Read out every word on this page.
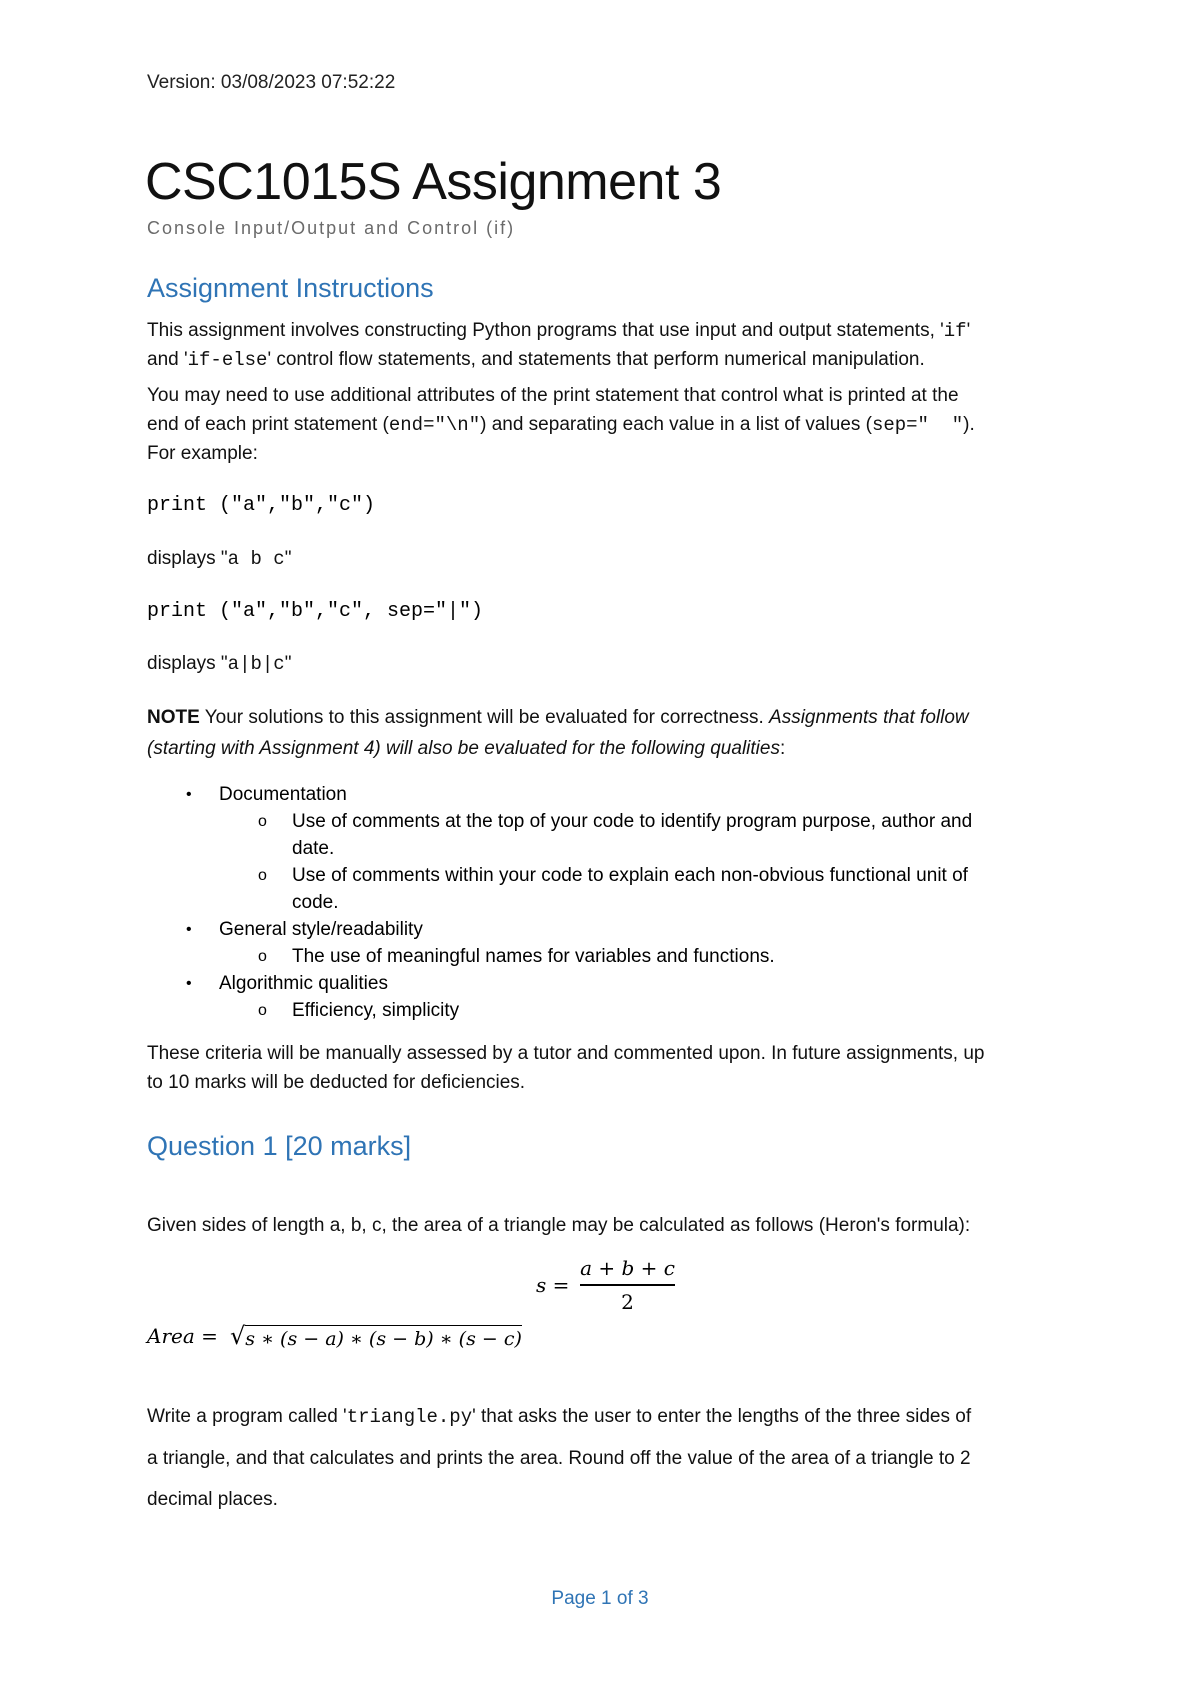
Version: 03/08/2023 07:52:22
CSC1015S Assignment 3
Console Input/Output and Control (if)
Assignment Instructions
This assignment involves constructing Python programs that use input and output statements, 'if'
and 'if-else' control flow statements, and statements that perform numerical manipulation.
You may need to use additional attributes of the print statement that control what is printed at the
end of each print statement (end="\n") and separating each value in a list of values (sep="  ").
For example:
print ("a","b","c")
displays "a b c"
print ("a","b","c", sep="|")
displays "a|b|c"
NOTE Your solutions to this assignment will be evaluated for correctness. Assignments that follow
(starting with Assignment 4) will also be evaluated for the following qualities:
• Documentation
o Use of comments at the top of your code to identify program purpose, author and
date.
o Use of comments within your code to explain each non-obvious functional unit of
code.
• General style/readability
o The use of meaningful names for variables and functions.
• Algorithmic qualities
o Efficiency, simplicity
These criteria will be manually assessed by a tutor and commented upon. In future assignments, up
to 10 marks will be deducted for deficiencies.
Question 1 [20 marks]
Given sides of length a, b, c, the area of a triangle may be calculated as follows (Heron's formula):
s =
a + b + c
2
Area = √ s ∗ (s − a) ∗ (s − b) ∗ (s − c)
Write a program called 'triangle.py' that asks the user to enter the lengths of the three sides of
a triangle, and that calculates and prints the area. Round off the value of the area of a triangle to 2
decimal places.
Page 1 of 3
